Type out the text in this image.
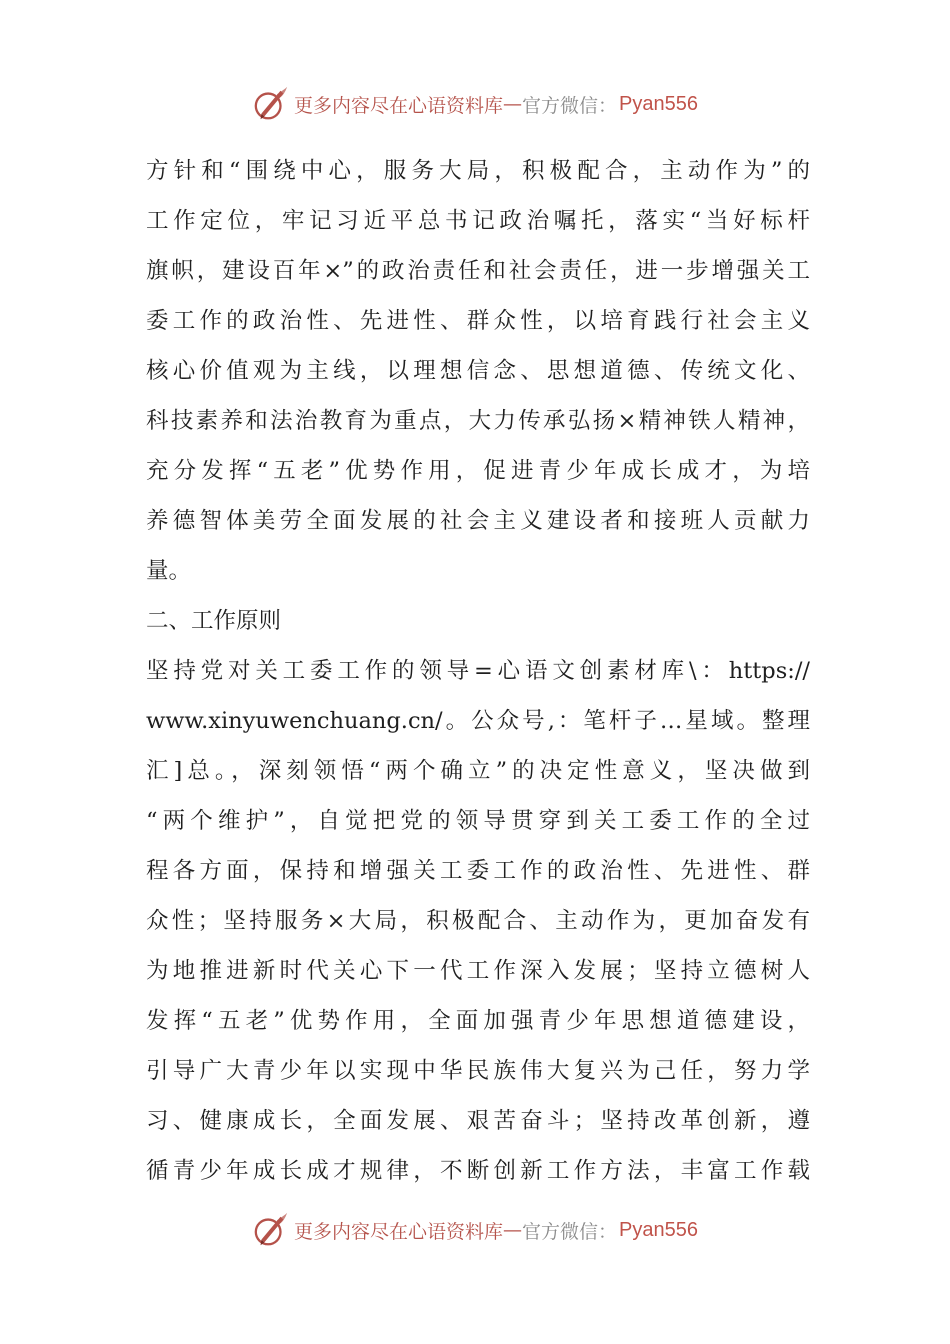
更多内容尽在心语资料库 — 官方微信： Pyan556
方针和“围绕中心，服务大局，积极配合，主动作为”的
工作定位，牢记习近平总书记政治嘱托，落实“当好标杆
旗帜，建设百年×”的政治责任和社会责任，进一步增强关工
委工作的政治性、先进性、群众性，以培育践行社会主义
核心价值观为主线，以理想信念、思想道德、传统文化、
科技素养和法治教育为重点，大力传承弘扬×精神铁人精神，
充分发挥“五老”优势作用，促进青少年成长成才，为培
养德智体美劳全面发展的社会主义建设者和接班人贡献力
量。
二、工作原则
坚持党对关工委工作的领导=心语文创素材库\：https://
www.xinyuwenchuang.cn/。公众号,：笔杆子…星域。整理
汇]总。，深刻领悟“两个确立”的决定性意义，坚决做到
“两个维护”，自觉把党的领导贯穿到关工委工作的全过
程各方面，保持和增强关工委工作的政治性、先进性、群
众性；坚持服务×大局，积极配合、主动作为，更加奋发有
为地推进新时代关心下一代工作深入发展；坚持立德树人
发挥“五老”优势作用，全面加强青少年思想道德建设，
引导广大青少年以实现中华民族伟大复兴为己任，努力学
习、健康成长，全面发展、艰苦奋斗；坚持改革创新，遵
循青少年成长成才规律，不断创新工作方法，丰富工作载
更多内容尽在心语资料库 — 官方微信： Pyan556
